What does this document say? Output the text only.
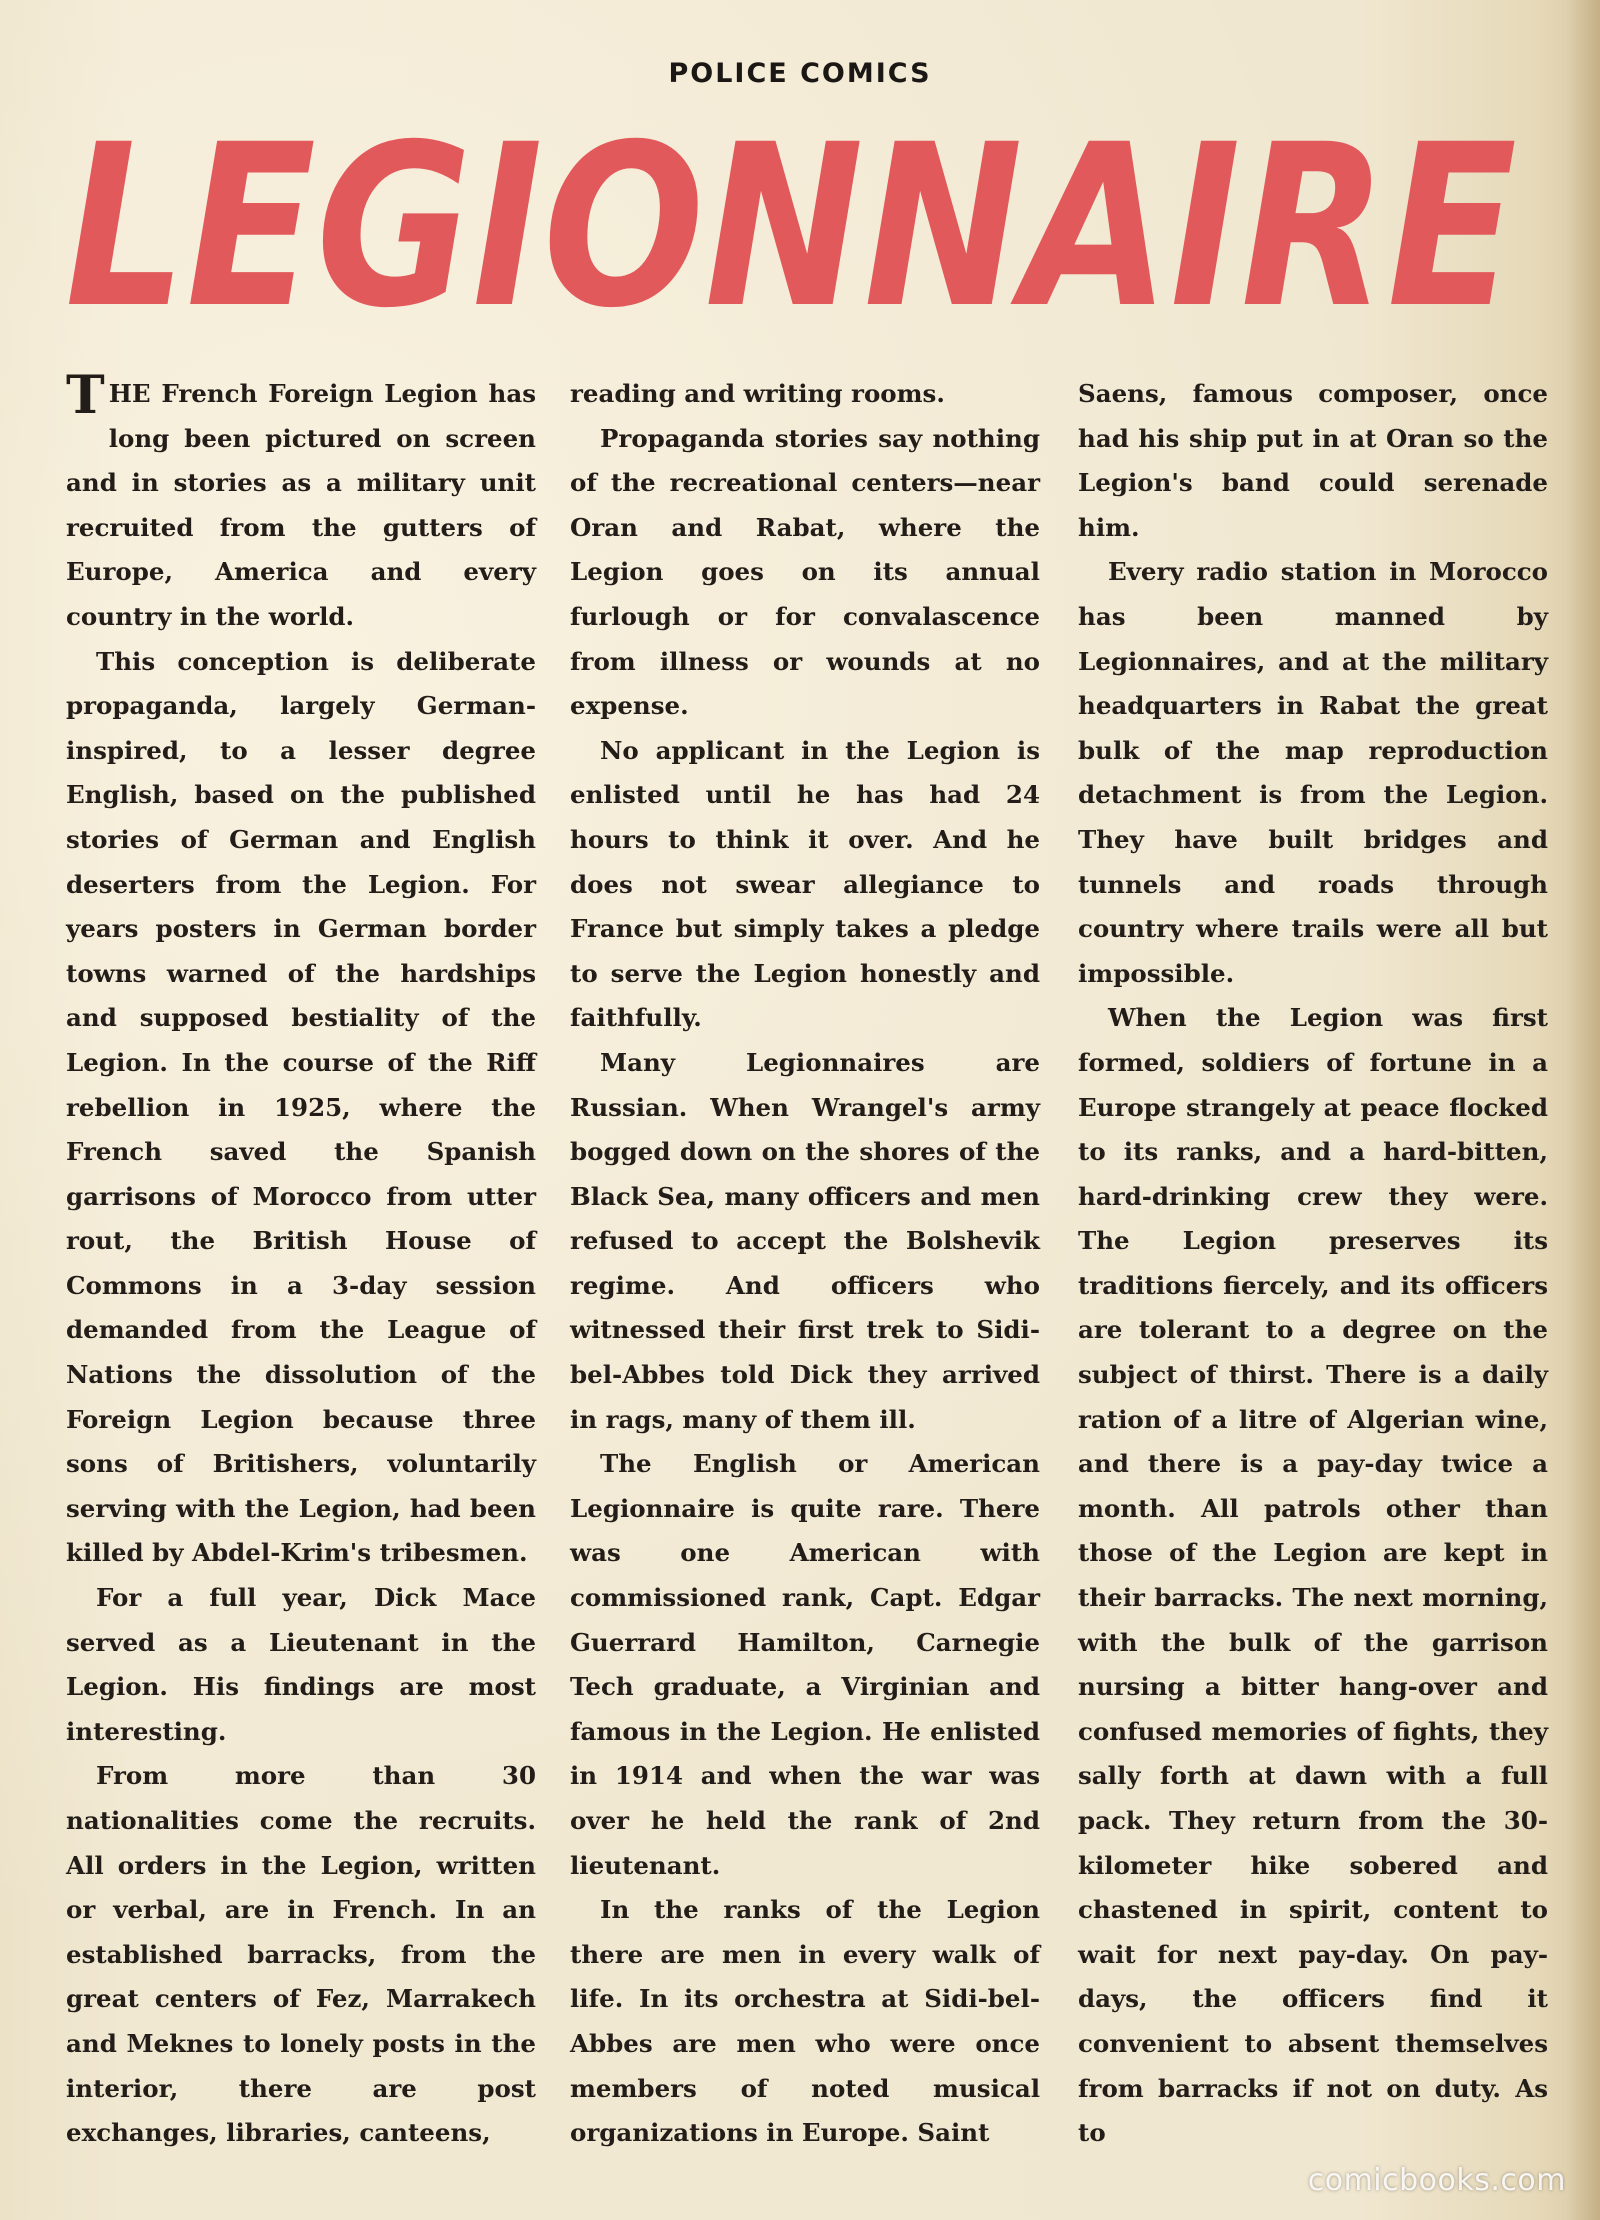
POLICE COMICS
LEGIONNAIRE

THE French Foreign Legion has long been pictured on screen and in stories as a military unit recruited from the gutters of Europe, America and every country in the world.

This conception is deliberate propaganda, largely German-inspired, to a lesser degree English, based on the published stories of German and English deserters from the Legion. For years posters in German border towns warned of the hardships and supposed bestiality of the Legion. In the course of the Riff rebellion in 1925, where the French saved the Spanish garrisons of Morocco from utter rout, the British House of Commons in a 3-day session demanded from the League of Nations the dissolution of the Foreign Legion because three sons of Britishers, voluntarily serving with the Legion, had been killed by Abdel-Krim's tribesmen.

For a full year, Dick Mace served as a Lieutenant in the Legion. His findings are most interesting.

From more than 30 nationalities come the recruits. All orders in the Legion, written or verbal, are in French. In an established barracks, from the great centers of Fez, Marrakech and Meknes to lonely posts in the interior, there are post exchanges, libraries, canteens,

reading and writing rooms.

Propaganda stories say nothing of the recreational centers—near Oran and Rabat, where the Legion goes on its annual furlough or for convalascence from illness or wounds at no expense.

No applicant in the Legion is enlisted until he has had 24 hours to think it over. And he does not swear allegiance to France but simply takes a pledge to serve the Legion honestly and faithfully.

Many Legionnaires are Russian. When Wrangel's army bogged down on the shores of the Black Sea, many officers and men refused to accept the Bolshevik regime. And officers who witnessed their first trek to Sidi-bel-Abbes told Dick they arrived in rags, many of them ill.

The English or American Legionnaire is quite rare. There was one American with commissioned rank, Capt. Edgar Guerrard Hamilton, Carnegie Tech graduate, a Virginian and famous in the Legion. He enlisted in 1914 and when the war was over he held the rank of 2nd lieutenant.

In the ranks of the Legion there are men in every walk of life. In its orchestra at Sidi-bel-Abbes are men who were once members of noted musical organizations in Europe. Saint

Saens, famous composer, once had his ship put in at Oran so the Legion's band could serenade him.

Every radio station in Morocco has been manned by Legionnaires, and at the military headquarters in Rabat the great bulk of the map reproduction detachment is from the Legion. They have built bridges and tunnels and roads through country where trails were all but impossible.

When the Legion was first formed, soldiers of fortune in a Europe strangely at peace flocked to its ranks, and a hard-bitten, hard-drinking crew they were. The Legion preserves its traditions fiercely, and its officers are tolerant to a degree on the subject of thirst. There is a daily ration of a litre of Algerian wine, and there is a pay-day twice a month. All patrols other than those of the Legion are kept in their barracks. The next morning, with the bulk of the garrison nursing a bitter hang-over and confused memories of fights, they sally forth at dawn with a full pack. They return from the 30-kilometer hike sobered and chastened in spirit, content to wait for next pay-day. On pay-days, the officers find it convenient to absent themselves from barracks if not on duty. As to

comicbooks.com
